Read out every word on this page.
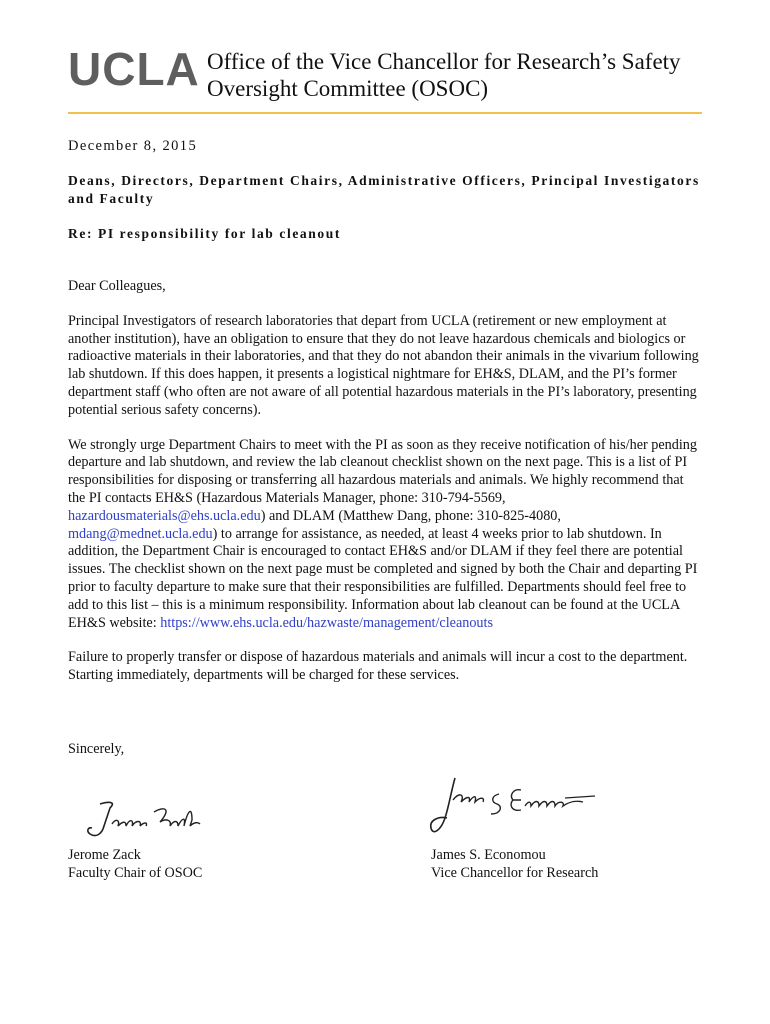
UCLA Office of the Vice Chancellor for Research’s Safety Oversight Committee (OSOC)
December 8, 2015
Deans, Directors, Department Chairs, Administrative Officers, Principal Investigators and Faculty
Re: PI responsibility for lab cleanout

Dear Colleagues,

Principal Investigators of research laboratories that depart from UCLA (retirement or new employment at another institution), have an obligation to ensure that they do not leave hazardous chemicals and biologics or radioactive materials in their laboratories, and that they do not abandon their animals in the vivarium following lab shutdown. If this does happen, it presents a logistical nightmare for EH&S, DLAM, and the PI’s former department staff (who often are not aware of all potential hazardous materials in the PI’s laboratory, presenting potential serious safety concerns).

We strongly urge Department Chairs to meet with the PI as soon as they receive notification of his/her pending departure and lab shutdown, and review the lab cleanout checklist shown on the next page. This is a list of PI responsibilities for disposing or transferring all hazardous materials and animals. We highly recommend that the PI contacts EH&S (Hazardous Materials Manager, phone: 310-794-5569, hazardousmaterials@ehs.ucla.edu) and DLAM (Matthew Dang, phone: 310-825-4080, mdang@mednet.ucla.edu) to arrange for assistance, as needed, at least 4 weeks prior to lab shutdown. In addition, the Department Chair is encouraged to contact EH&S and/or DLAM if they feel there are potential issues. The checklist shown on the next page must be completed and signed by both the Chair and departing PI prior to faculty departure to make sure that their responsibilities are fulfilled. Departments should feel free to add to this list – this is a minimum responsibility. Information about lab cleanout can be found at the UCLA EH&S website: https://www.ehs.ucla.edu/hazwaste/management/cleanouts

Failure to properly transfer or dispose of hazardous materials and animals will incur a cost to the department. Starting immediately, departments will be charged for these services.

Sincerely,
Jerome Zack
Faculty Chair of OSOC
James S. Economou
Vice Chancellor for Research
